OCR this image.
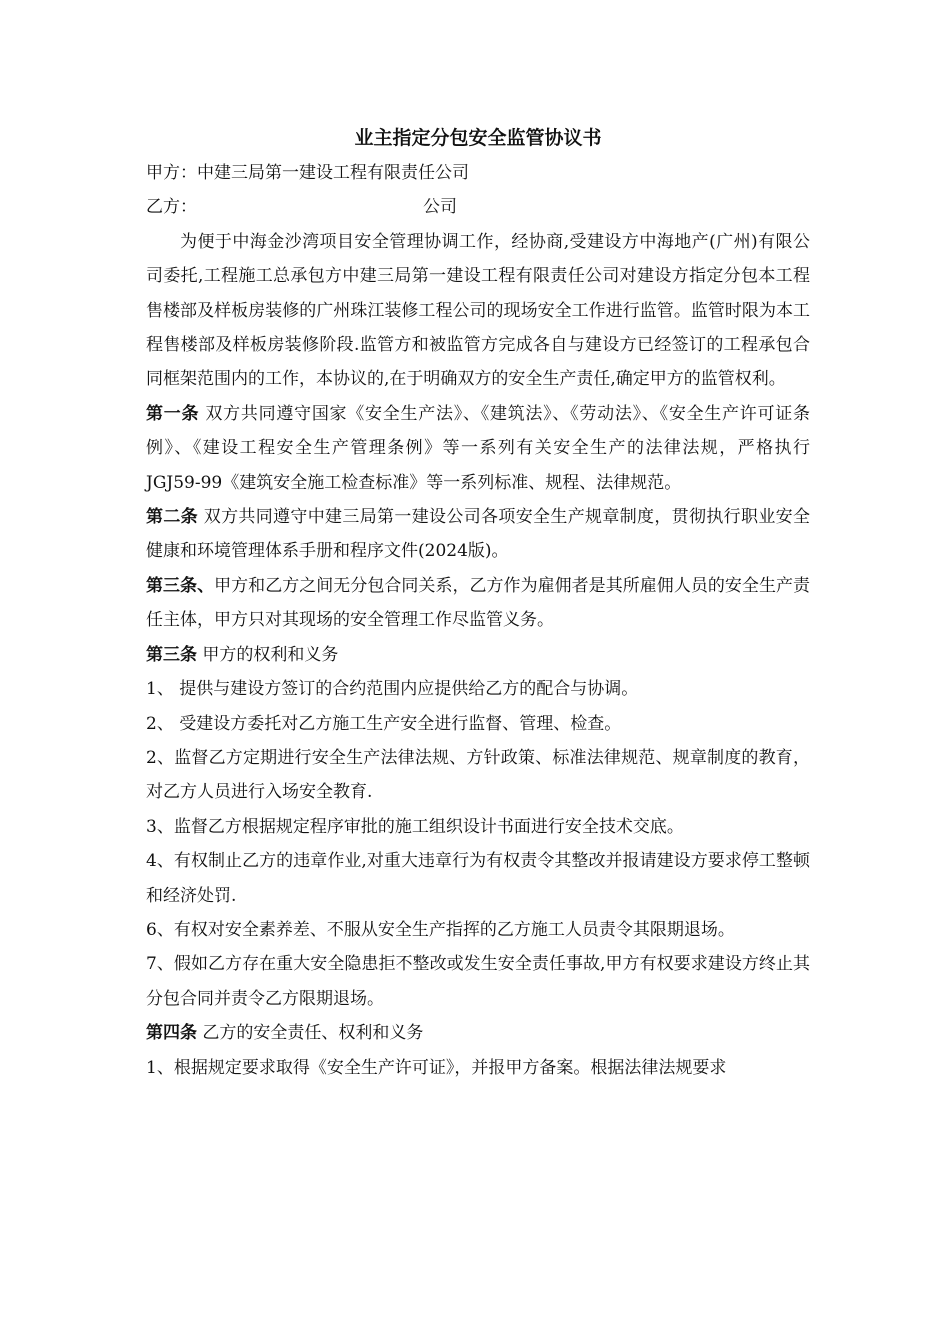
业主指定分包安全监管协议书

甲方：中建三局第一建设工程有限责任公司

乙方：	公司

为便于中海金沙湾项目安全管理协调工作，经协商,受建设方中海地产(广州)有限公司委托,工程施工总承包方中建三局第一建设工程有限责任公司对建设方指定分包本工程售楼部及样板房装修的广州珠江装修工程公司的现场安全工作进行监管。监管时限为本工程售楼部及样板房装修阶段.监管方和被监管方完成各自与建设方已经签订的工程承包合同框架范围内的工作，本协议的,在于明确双方的安全生产责任,确定甲方的监管权利。

第一条 双方共同遵守国家《安全生产法》、《建筑法》、《劳动法》、《安全生产许可证条例》、《建设工程安全生产管理条例》等一系列有关安全生产的法律法规，严格执行JGJ59-99《建筑安全施工检查标准》等一系列标准、规程、法律规范。

第二条 双方共同遵守中建三局第一建设公司各项安全生产规章制度，贯彻执行职业安全健康和环境管理体系手册和程序文件(2024版)。

第三条、甲方和乙方之间无分包合同关系，乙方作为雇佣者是其所雇佣人员的安全生产责任主体，甲方只对其现场的安全管理工作尽监管义务。

第三条 甲方的权利和义务

1、 提供与建设方签订的合约范围内应提供给乙方的配合与协调。

2、 受建设方委托对乙方施工生产安全进行监督、管理、检查。

2、监督乙方定期进行安全生产法律法规、方针政策、标准法律规范、规章制度的教育，对乙方人员进行入场安全教育.

3、监督乙方根据规定程序审批的施工组织设计书面进行安全技术交底。

4、有权制止乙方的违章作业,对重大违章行为有权责令其整改并报请建设方要求停工整顿和经济处罚.

6、有权对安全素养差、不服从安全生产指挥的乙方施工人员责令其限期退场。

7、假如乙方存在重大安全隐患拒不整改或发生安全责任事故,甲方有权要求建设方终止其分包合同并责令乙方限期退场。

第四条 乙方的安全责任、权利和义务

1、根据规定要求取得《安全生产许可证》，并报甲方备案。根据法律法规要求
